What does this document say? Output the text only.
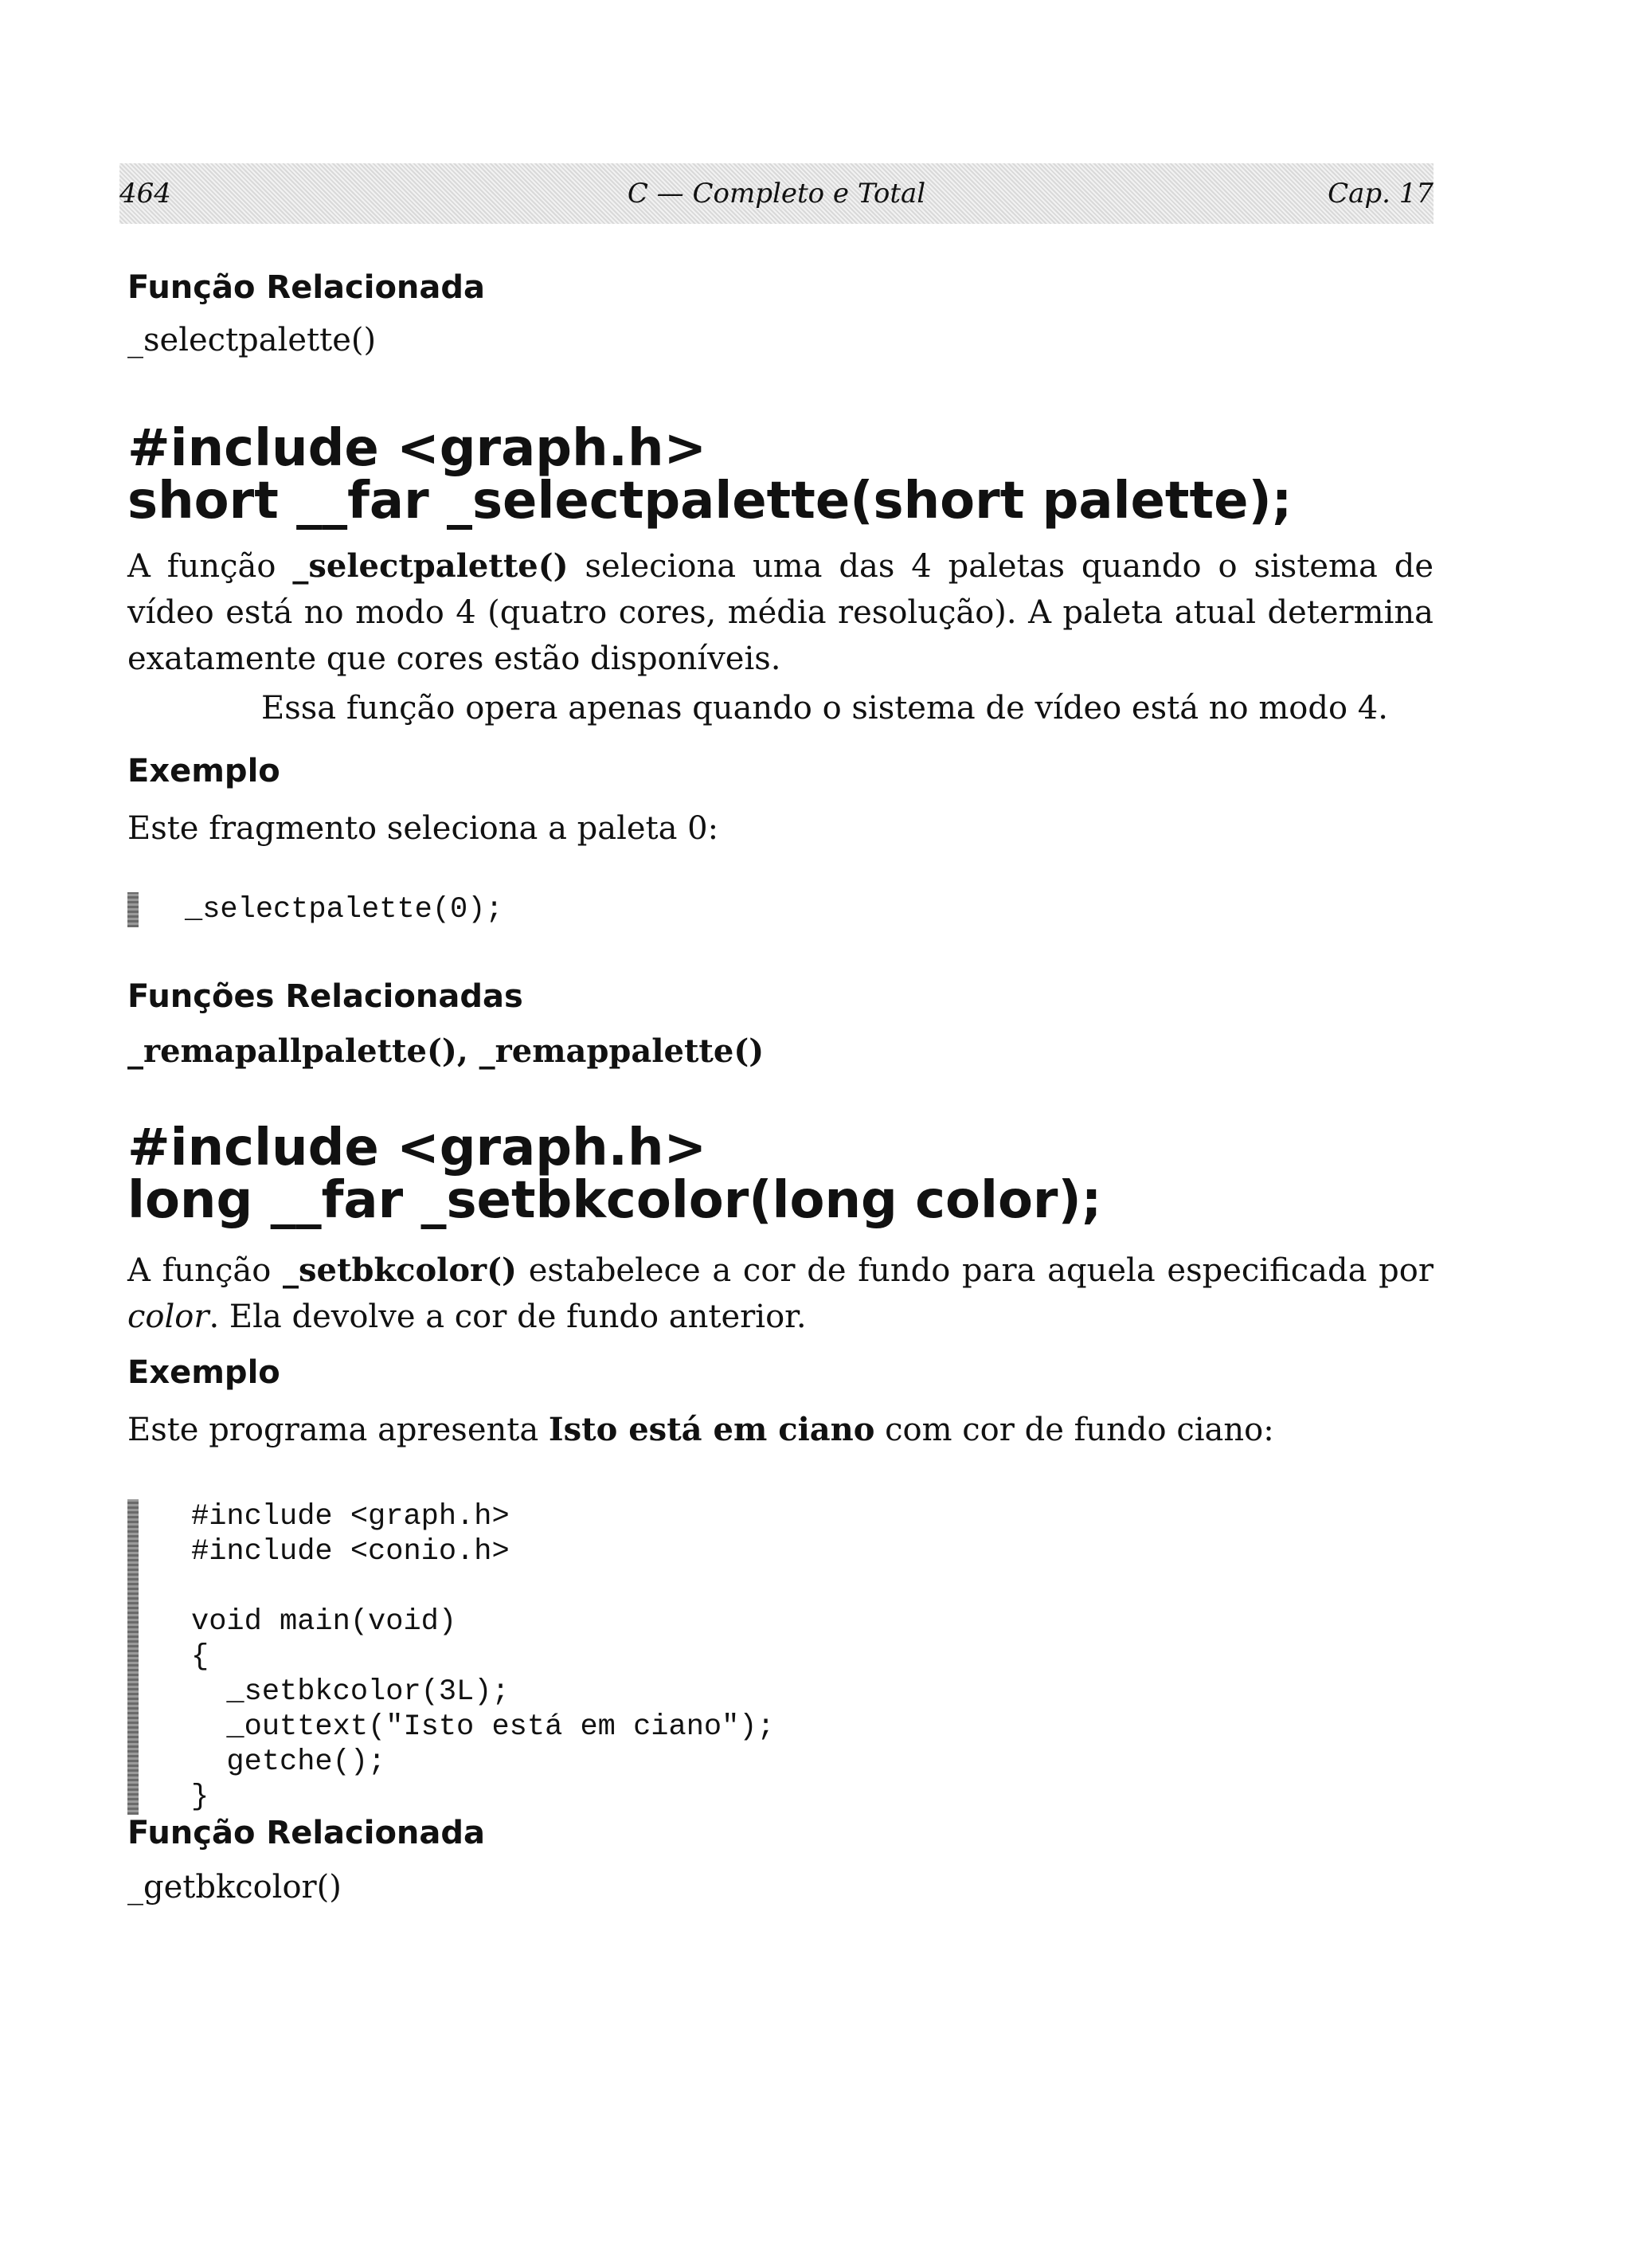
464	C — Completo e Total	Cap. 17

Função Relacionada

_selectpalette()

#include <graph.h>

short __far _selectpalette(short palette);

A função _selectpalette() seleciona uma das 4 paletas quando o sistema de vídeo está no modo 4 (quatro cores, média resolução). A paleta atual determina exatamente que cores estão disponíveis.

Essa função opera apenas quando o sistema de vídeo está no modo 4.

Exemplo

Este fragmento seleciona a paleta 0:

_selectpalette(0);

Funções Relacionadas

_remapallpalette(), _remappalette()

#include <graph.h>

long __far _setbkcolor(long color);

A função _setbkcolor() estabelece a cor de fundo para aquela especificada por color. Ela devolve a cor de fundo anterior.

Exemplo

Este programa apresenta Isto está em ciano com cor de fundo ciano:

#include <graph.h>
#include <conio.h>

void main(void)
{
_setbkcolor(3L);
_outtext("Isto está em ciano");
getche();
}

Função Relacionada

_getbkcolor()
